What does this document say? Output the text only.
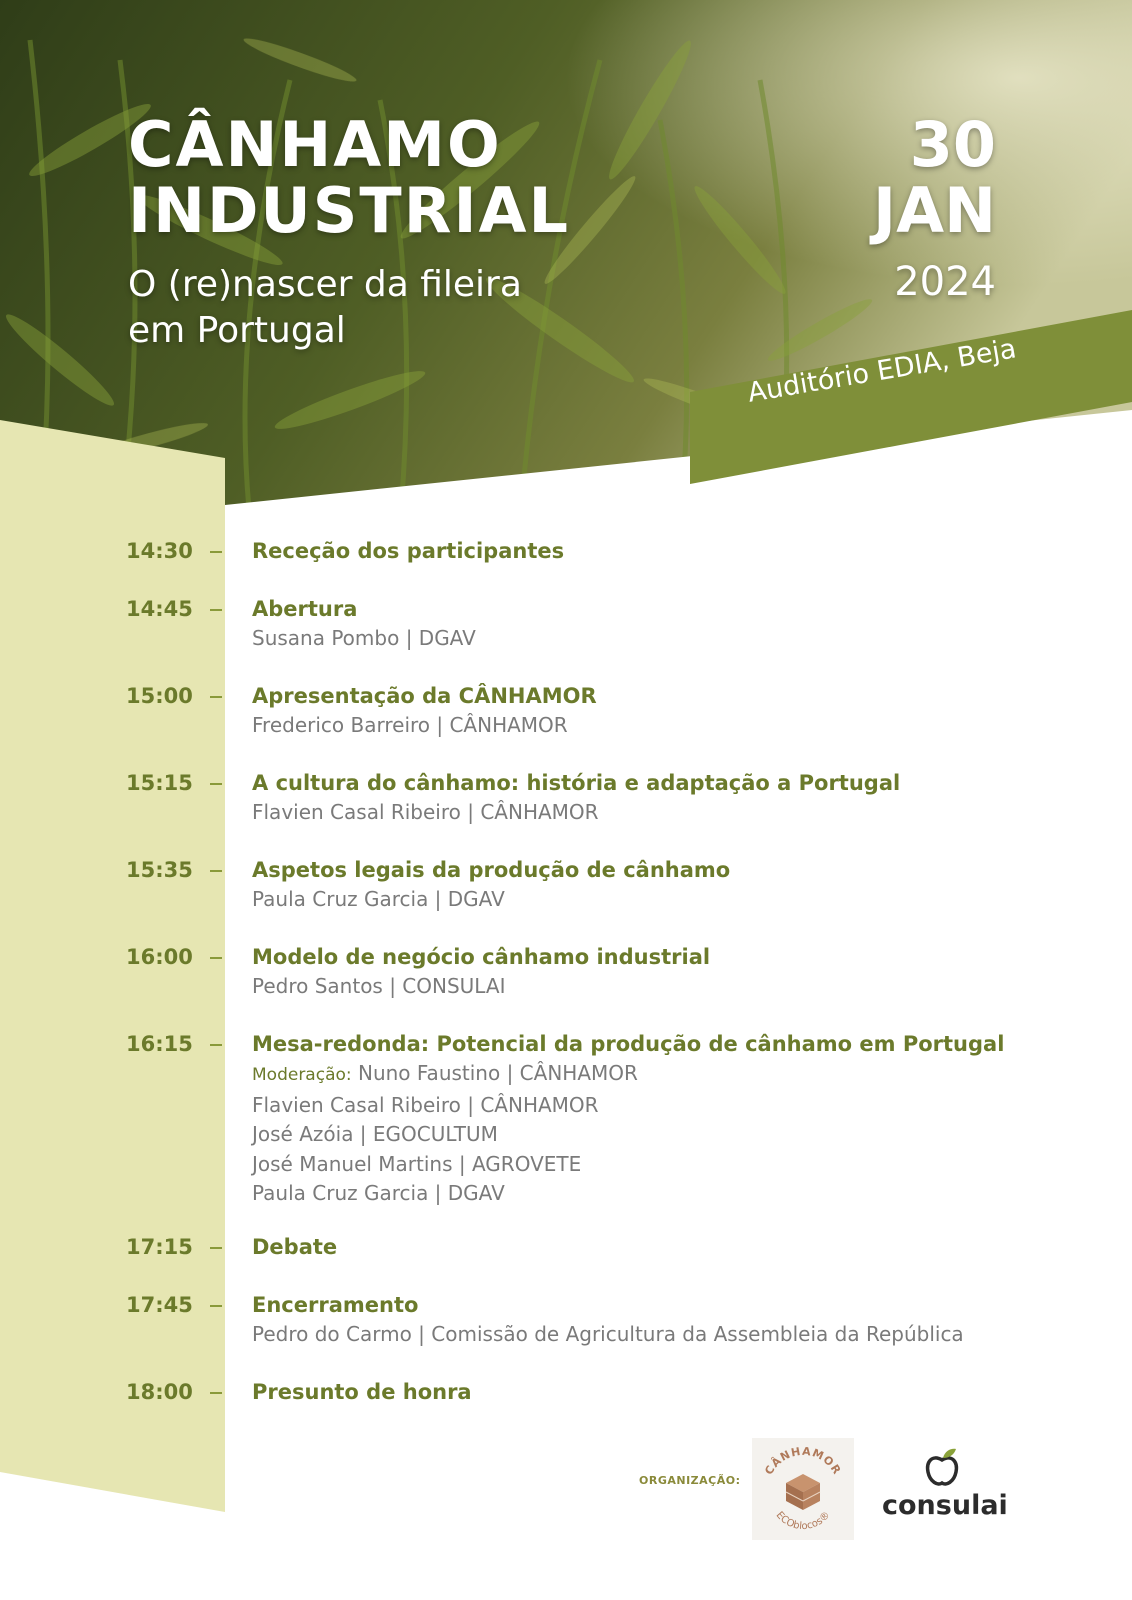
CÂNHAMO
INDUSTRIAL
O (re)nascer da fileira
em Portugal
30
JAN
2024
Auditório EDIA, Beja
14:30	Receção dos participantes
14:45	Abertura
Susana Pombo | DGAV
15:00	Apresentação da CÂNHAMOR
Frederico Barreiro | CÂNHAMOR
15:15	A cultura do cânhamo: história e adaptação a Portugal
Flavien Casal Ribeiro | CÂNHAMOR
15:35	Aspetos legais da produção de cânhamo
Paula Cruz Garcia | DGAV
16:00	Modelo de negócio cânhamo industrial
Pedro Santos | CONSULAI
16:15	Mesa-redonda: Potencial da produção de cânhamo em Portugal
Moderação: Nuno Faustino | CÂNHAMOR
Flavien Casal Ribeiro | CÂNHAMOR
José Azóia | EGOCULTUM
José Manuel Martins | AGROVETE
Paula Cruz Garcia | DGAV
17:15	Debate
17:45	Encerramento
Pedro do Carmo | Comissão de Agricultura da Assembleia da República
18:00	Presunto de honra
ORGANIZAÇÃO:
CÂNHAMOR
ECOblocos® consulai
